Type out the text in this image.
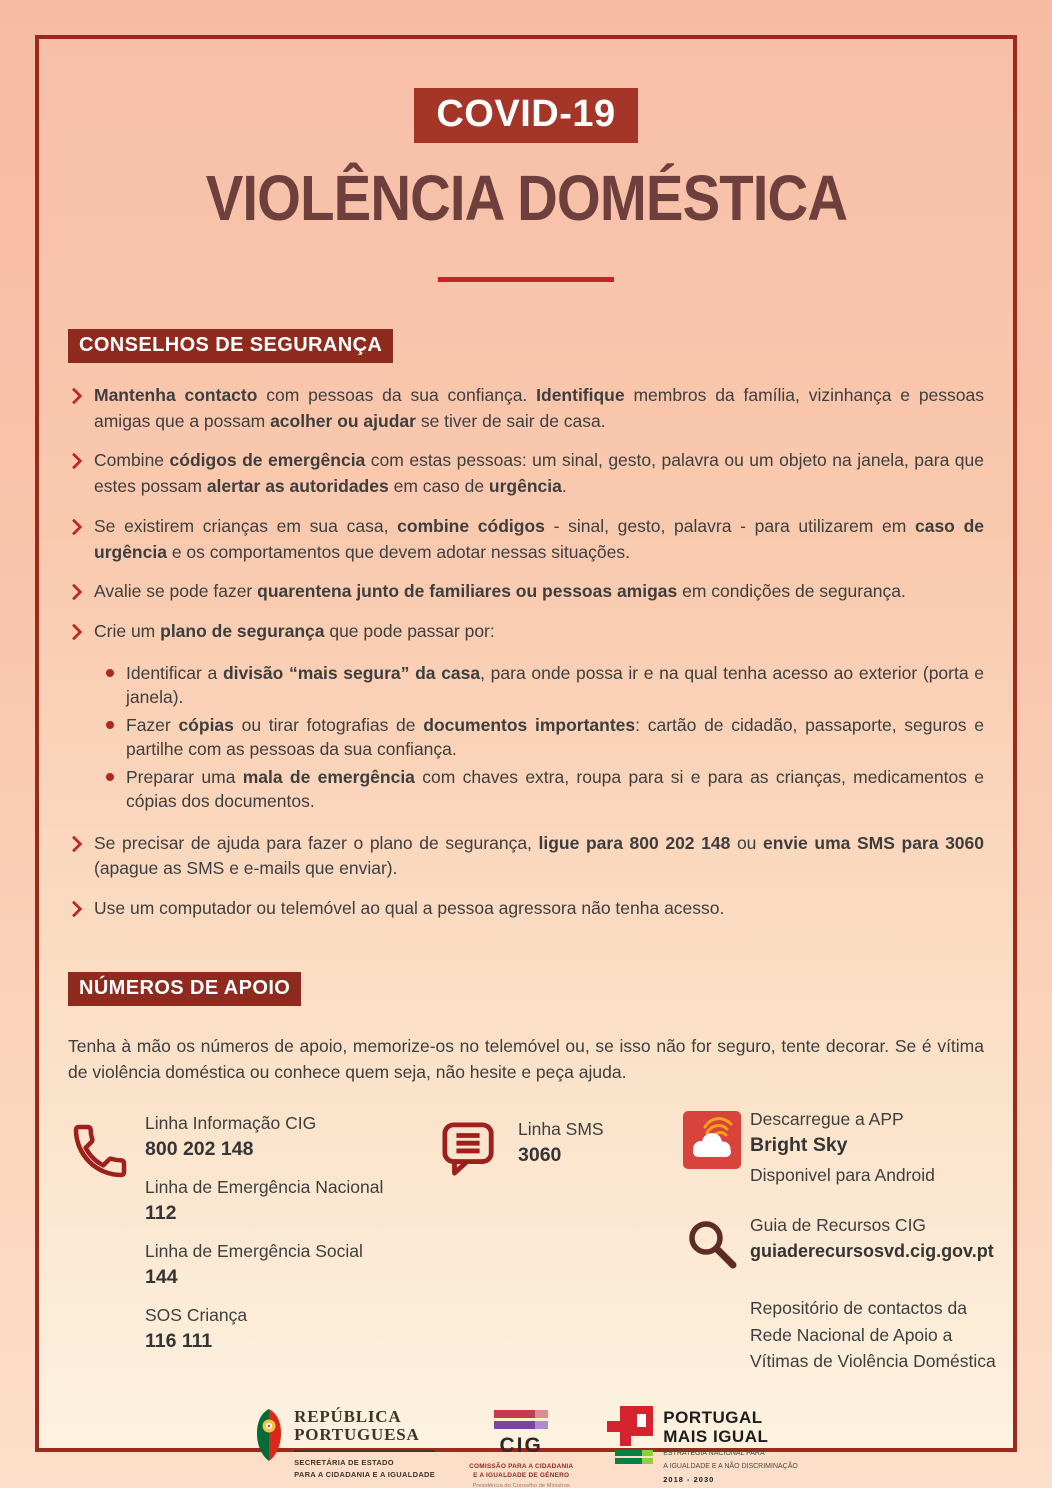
COVID-19
VIOLÊNCIA DOMÉSTICA
CONSELHOS DE SEGURANÇA

Mantenha contacto com pessoas da sua confiança. Identifique membros da família, vizinhança e pessoas amigas que a possam acolher ou ajudar se tiver de sair de casa.

Combine códigos de emergência com estas pessoas: um sinal, gesto, palavra ou um objeto na janela, para que estes possam alertar as autoridades em caso de urgência.

Se existirem crianças em sua casa, combine códigos - sinal, gesto, palavra - para utilizarem em caso de urgência e os comportamentos que devem adotar nessas situações.

Avalie se pode fazer quarentena junto de familiares ou pessoas amigas em condições de segurança.

Crie um plano de segurança que pode passar por:

Identificar a divisão “mais segura” da casa, para onde possa ir e na qual tenha acesso ao exterior (porta e janela).

Fazer cópias ou tirar fotografias de documentos importantes: cartão de cidadão, passaporte, seguros e partilhe com as pessoas da sua confiança.

Preparar uma mala de emergência com chaves extra, roupa para si e para as crianças, medicamentos e cópias dos documentos.

Se precisar de ajuda para fazer o plano de segurança, ligue para 800 202 148 ou envie uma SMS para 3060 (apague as SMS e e-mails que enviar).

Use um computador ou telemóvel ao qual a pessoa agressora não tenha acesso.

NÚMEROS DE APOIO

Tenha à mão os números de apoio, memorize-os no telemóvel ou, se isso não for seguro, tente decorar. Se é vítima de violência doméstica ou conhece quem seja, não hesite e peça ajuda.

Linha Informação CIG
800 202 148
Linha de Emergência Nacional
112
Linha de Emergência Social
144
SOS Criança
116 111
Linha SMS
3060
Descarregue a APP
Bright Sky
Disponivel para Android
Guia de Recursos CIG
guiaderecursosvd.cig.gov.pt
Repositório de contactos da Rede Nacional de Apoio a Vítimas de Violência Doméstica
REPÚBLICA
PORTUGUESA
SECRETÁRIA DE ESTADO
PARA A CIDADANIA E A IGUALDADE
CIG
COMISSÃO PARA A CIDADANIA
E A IGUALDADE DE GÉNERO
Presidência do Conselho de Ministros
PORTUGAL
MAIS IGUAL
ESTRATÉGIA NACIONAL PARA
A IGUALDADE E A NÃO DISCRIMINAÇÃO
2018 - 2030
